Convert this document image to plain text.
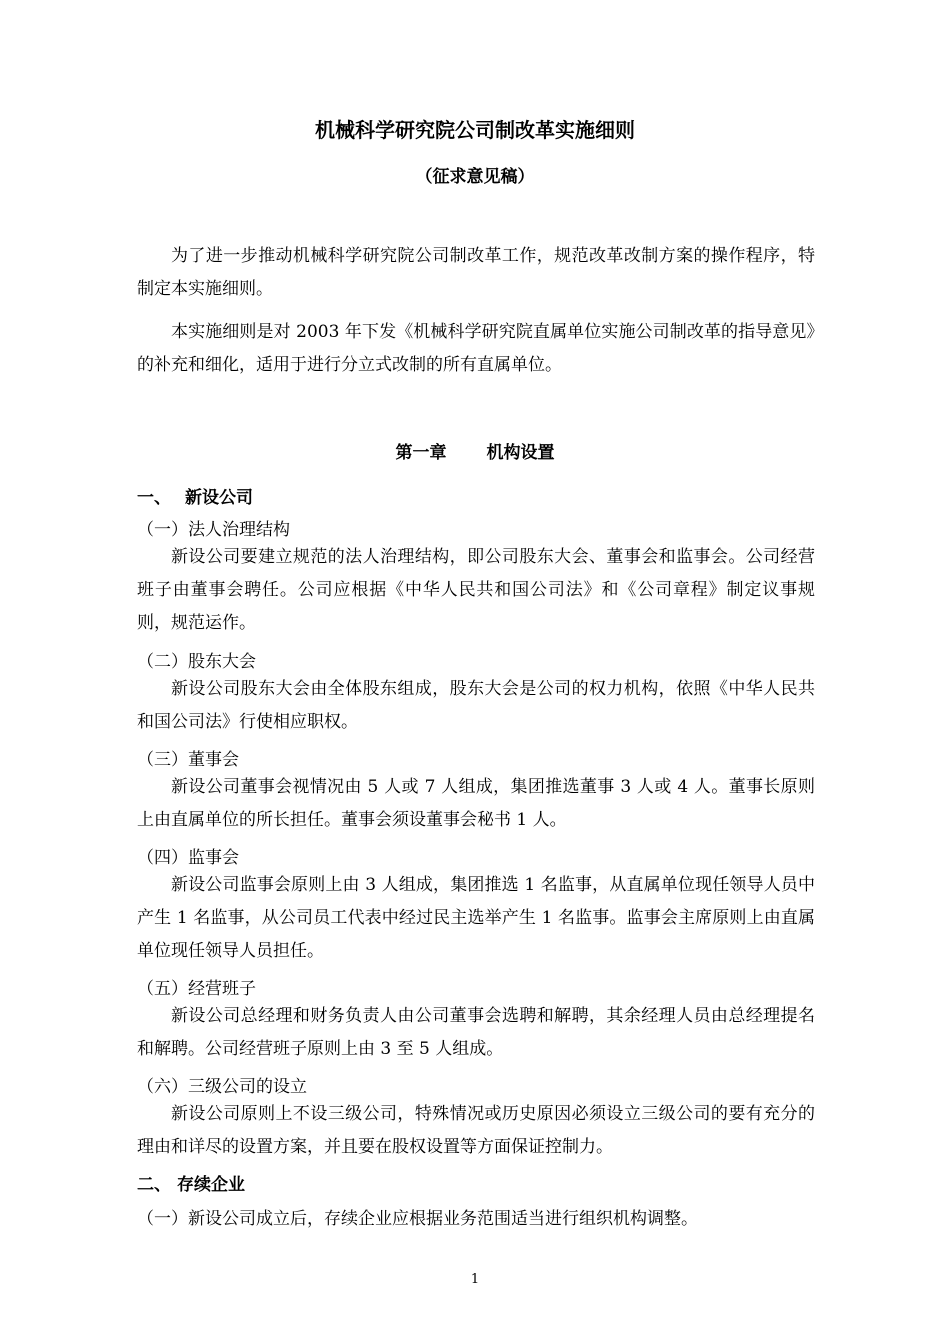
机械科学研究院公司制改革实施细则
（征求意见稿）
为了进一步推动机械科学研究院公司制改革工作，规范改革改制方案的操作程序，特制定本实施细则。
本实施细则是对 2003 年下发《机械科学研究院直属单位实施公司制改革的指导意见》的补充和细化，适用于进行分立式改制的所有直属单位。
第一章 机构设置
一、 新设公司
（一）法人治理结构
新设公司要建立规范的法人治理结构，即公司股东大会、董事会和监事会。公司经营班子由董事会聘任。公司应根据《中华人民共和国公司法》和《公司章程》制定议事规则，规范运作。
（二）股东大会
新设公司股东大会由全体股东组成，股东大会是公司的权力机构，依照《中华人民共和国公司法》行使相应职权。
（三）董事会
新设公司董事会视情况由 5 人或 7 人组成，集团推选董事 3 人或 4 人。董事长原则上由直属单位的所长担任。董事会须设董事会秘书 1 人。
（四）监事会
新设公司监事会原则上由 3 人组成，集团推选 1 名监事，从直属单位现任领导人员中产生 1 名监事，从公司员工代表中经过民主选举产生 1 名监事。监事会主席原则上由直属单位现任领导人员担任。
（五）经营班子
新设公司总经理和财务负责人由公司董事会选聘和解聘，其余经理人员由总经理提名和解聘。公司经营班子原则上由 3 至 5 人组成。
（六）三级公司的设立
新设公司原则上不设三级公司，特殊情况或历史原因必须设立三级公司的要有充分的理由和详尽的设置方案，并且要在股权设置等方面保证控制力。
二、 存续企业
（一）新设公司成立后，存续企业应根据业务范围适当进行组织机构调整。
1
